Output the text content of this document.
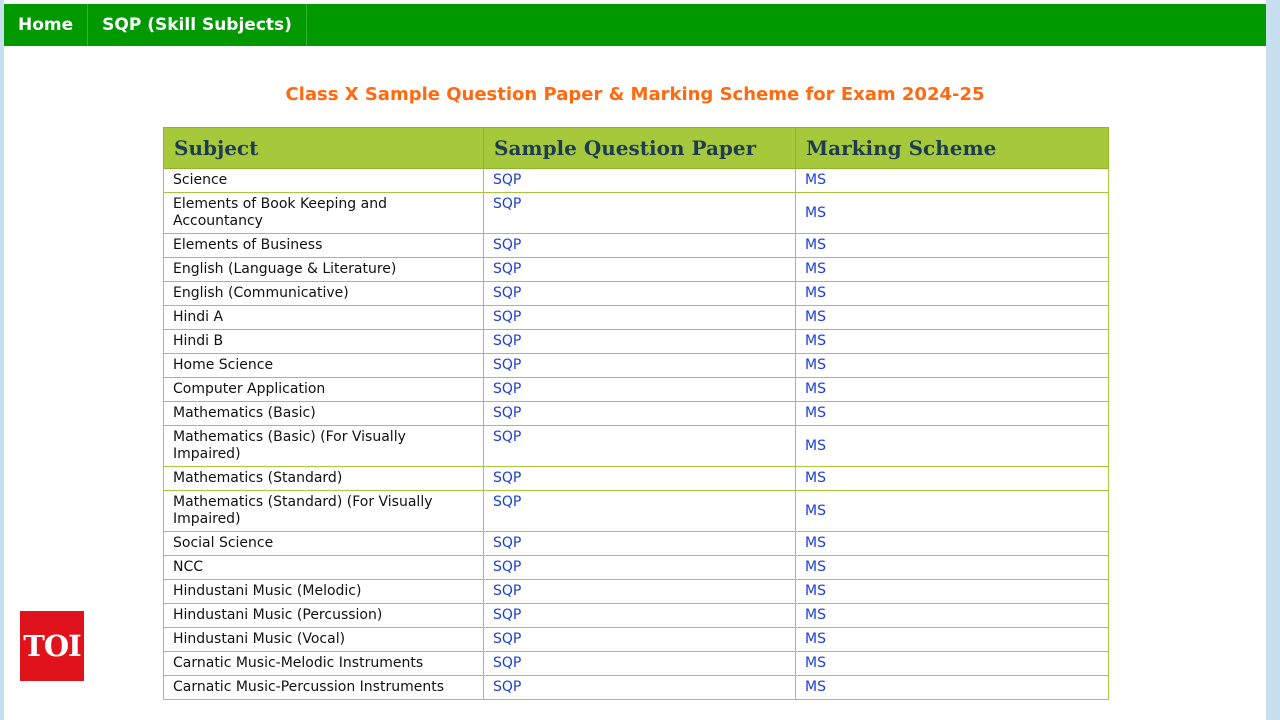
Home	SQP (Skill Subjects)
Class X Sample Question Paper & Marking Scheme for Exam 2024-25
Subject	Sample Question Paper	Marking Scheme
Science	SQP	MS
Elements of Book Keeping and Accountancy	SQP	MS
Elements of Business	SQP	MS
English (Language & Literature)	SQP	MS
English (Communicative)	SQP	MS
Hindi A	SQP	MS
Hindi B	SQP	MS
Home Science	SQP	MS
Computer Application	SQP	MS
Mathematics (Basic)	SQP	MS
Mathematics (Basic) (For Visually Impaired)	SQP	MS
Mathematics (Standard)	SQP	MS
Mathematics (Standard) (For Visually Impaired)	SQP	MS
Social Science	SQP	MS
NCC	SQP	MS
Hindustani Music (Melodic)	SQP	MS
Hindustani Music (Percussion)	SQP	MS
Hindustani Music (Vocal)	SQP	MS
Carnatic Music-Melodic Instruments	SQP	MS
Carnatic Music-Percussion Instruments	SQP	MS
TOI
